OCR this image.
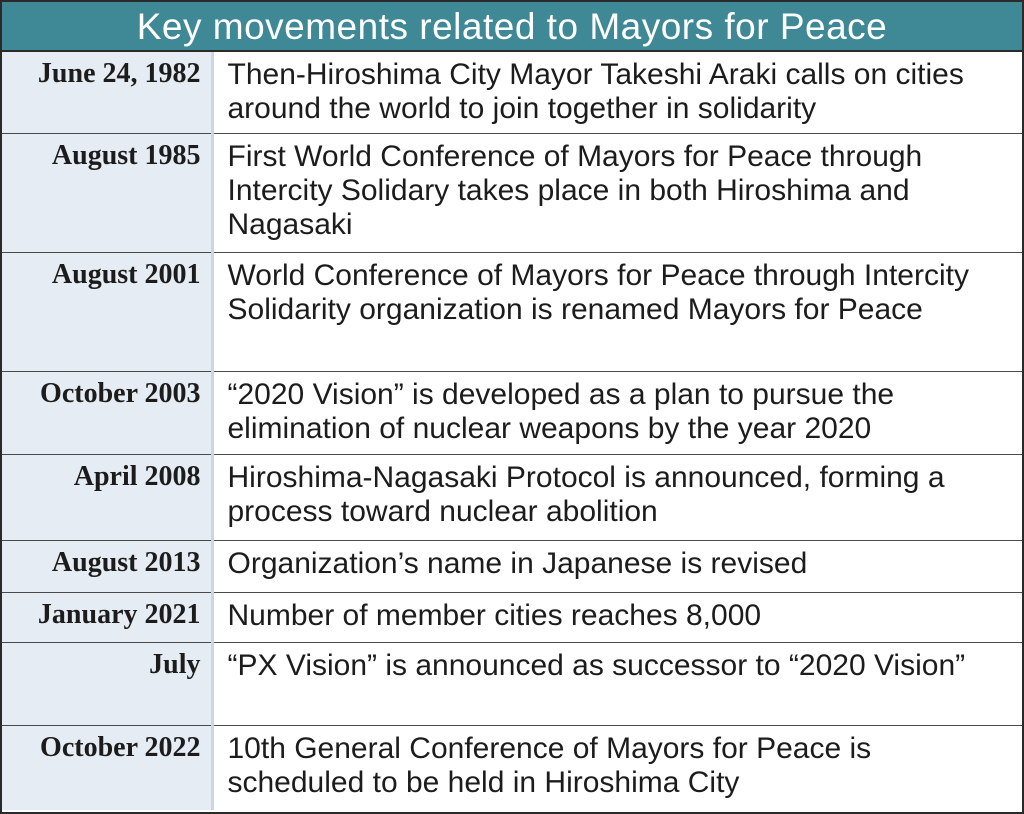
Key movements related to Mayors for Peace
June 24, 1982	Then-Hiroshima City Mayor Takeshi Araki calls on cities around the world to join together in solidarity
August 1985	First World Conference of Mayors for Peace through Intercity Solidary takes place in both Hiroshima and Nagasaki
August 2001	World Conference of Mayors for Peace through Intercity Solidarity organization is renamed Mayors for Peace
October 2003	“2020 Vision” is developed as a plan to pursue the elimination of nuclear weapons by the year 2020
April 2008	Hiroshima-Nagasaki Protocol is announced, forming a process toward nuclear abolition
August 2013	Organization’s name in Japanese is revised
January 2021	Number of member cities reaches 8,000
July	“PX Vision” is announced as successor to “2020 Vision”
October 2022	10th General Conference of Mayors for Peace is scheduled to be held in Hiroshima City
